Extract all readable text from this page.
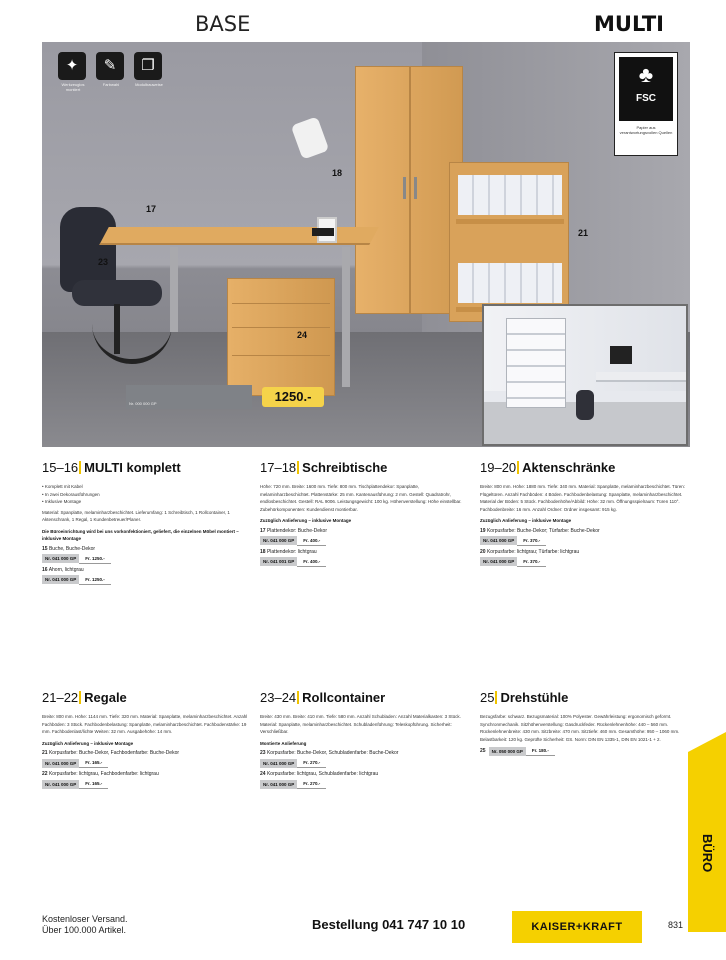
BASE	MULTI
✦
Werkzeuglos montiert
✎
Farbwahl
❐
Modulbauweise	♣
FSC
Papier aus verantwortungsvollen Quellen
17
18
21
23
24
Nr. 000 000 GP	1250.-
15–16 MULTI komplett
• Komplett mit Kabel
• In zwei Dekorausführungen
• Inklusive Montage
Material: Spanplatte, melaminharzbeschichtet. Lieferumfang: 1 Schreibtisch, 1 Rollcontainer, 1 Aktenschrank, 1 Regal, 1 Kundenbetreuer/Planer.
Die Büroeinrichtung wird bei uns vorkonfektioniert, geliefert, die einzelnen Möbel montiert – inklusive Montage
15 Buche, Buche-Dekor
Nr. 041 000 GP	Fr. 1250.-
16 Ahorn, lichtgrau
Nr. 041 000 GP	Fr. 1250.-
17–18 Schreibtische
Höhe: 720 mm. Breite: 1600 mm. Tiefe: 800 mm. Tischplattendekor: Spanplatte, melaminharzbeschichtet. Plattenstärke: 25 mm. Kantenausführung: 2 mm. Gestell: Quadratrohr, endlosbeschichtet. Gestell: RAL 9006. Leistungsgewicht: 100 kg. Höhenverstellung: Höhe einstellbar. Zubehörkomponenten: Kundendienst montierbar.
Zuzüglich Anlieferung – inklusive Montage
17 Plattendekor: Buche-Dekor
Nr. 041 000 GP	Fr. 400.-
18 Plattendekor: lichtgrau
Nr. 041 001 GP	Fr. 400.-
19–20 Aktenschränke
Breite: 800 mm. Höhe: 1880 mm. Tiefe: 340 mm. Material: Spanplatte, melaminharzbeschichtet. Türen: Flügeltüren. Anzahl Fachböden: 4 Böden. Fachbodenbelastung: Spanplatte, melaminharzbeschichtet. Material der Böden: 5 Stück. Fachbodenhöhe/Abbild: Höhe: 32 mm. Öffnungsspielraum: Türen 110°. Fachbodenbreite: 16 mm. Anzahl Ordner: Ordner insgesamt: 915 kg.
Zuzüglich Anlieferung – inklusive Montage
19 Korpusfarbe: Buche-Dekor; Türfarbe: Buche-Dekor
Nr. 041 000 GP	Fr. 370.-
20 Korpusfarbe: lichtgrau; Türfarbe: lichtgrau
Nr. 041 000 GP	Fr. 370.-
21–22 Regale
Breite: 800 mm. Höhe: 1144 mm. Tiefe: 320 mm. Material: Spanplatte, melaminharzbeschichtet. Anzahl Fachböden: 3 Stück. Fachbodenbelastung: Spanplatte, melaminharzbeschichtet. Fachbodenstärke: 19 mm. Fachbodenlast/lichte Weiten: 32 mm. Ausgabehöhe: 14 mm.
Zuzüglich Anlieferung – inklusive Montage
21 Korpusfarbe: Buche-Dekor, Fachbodenfarbe: Buche-Dekor
Nr. 041 000 GP	Fr. 165.-
22 Korpusfarbe: lichtgrau, Fachbodenfarbe: lichtgrau
Nr. 041 000 GP	Fr. 165.-
23–24 Rollcontainer
Breite: 430 mm. Breite: 410 mm. Tiefe: 580 mm. Anzahl Schubladen: Anzahl Materialkasten: 3 Stück. Material: Spanplatte, melaminharzbeschichtet. Schubladenführung: Teleskopführung. Sicherheit: Verschließbar.
Montierte Anlieferung
23 Korpusfarbe: Buche-Dekor, Schubladenfarbe: Buche-Dekor
Nr. 041 000 GP	Fr. 270.-
24 Korpusfarbe: lichtgrau, Schubladenfarbe: lichtgrau
Nr. 041 000 GP	Fr. 270.-
25 Drehstühle
Bezugsfarbe: schwarz. Bezugsmaterial: 100% Polyester. Gewährleistung: ergonomisch geformt. Synchronmechanik. Sitzhöhenverstellung: Gasdruckfeder. Rückenlehnenhöhe: 440 – 560 mm. Rückenlehnenbreite: 430 mm. Sitzbreite: 470 mm. Sitztiefe: 460 mm. Gesamthöhe: 950 – 1060 mm. Belastbarkeit: 120 kg. Geprüfte Sicherheit: GS. Norm: DIN EN 1335-1, DIN EN 1021-1 + 2.
25	Nr. 050 000 GP	Fr. 180.-
BÜRO
Kostenloser Versand.
Über 100.000 Artikel.	Bestellung 041 747 10 10	KAISER+KRAFT	831
